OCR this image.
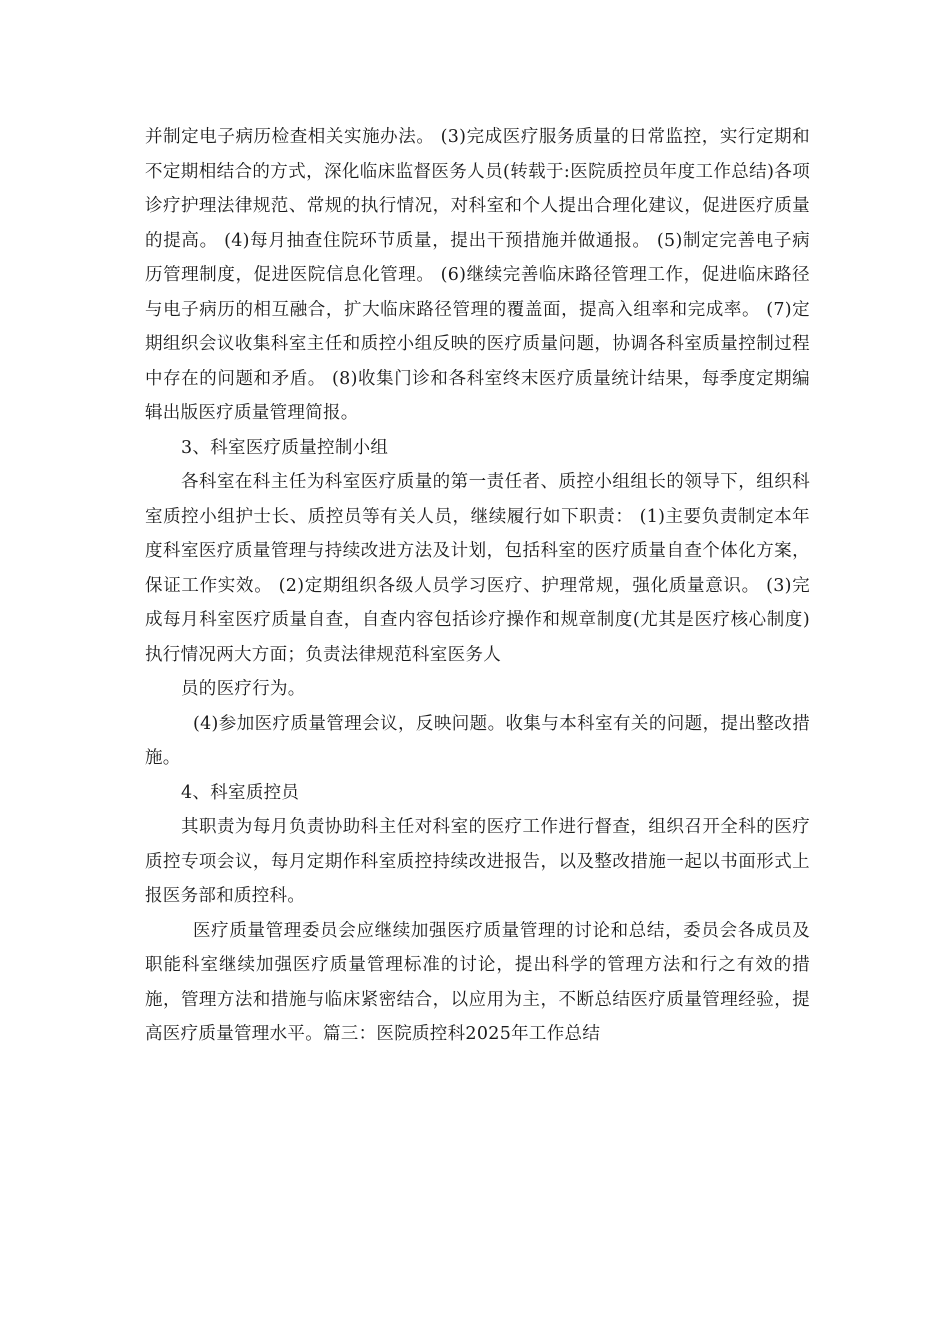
并制定电子病历检查相关实施办法。 (3)完成医疗服务质量的日常监控，实行定期和不定期相结合的方式，深化临床监督医务人员(转载于:医院质控员年度工作总结)各项诊疗护理法律规范、常规的执行情况，对科室和个人提出合理化建议，促进医疗质量的提高。 (4)每月抽查住院环节质量，提出干预措施并做通报。 (5)制定完善电子病历管理制度，促进医院信息化管理。 (6)继续完善临床路径管理工作，促进临床路径与电子病历的相互融合，扩大临床路径管理的覆盖面，提高入组率和完成率。 (7)定期组织会议收集科室主任和质控小组反映的医疗质量问题，协调各科室质量控制过程中存在的问题和矛盾。 (8)收集门诊和各科室终末医疗质量统计结果，每季度定期编辑出版医疗质量管理简报。

3、科室医疗质量控制小组

各科室在科主任为科室医疗质量的第一责任者、质控小组组长的领导下，组织科室质控小组护士长、质控员等有关人员，继续履行如下职责： (1)主要负责制定本年度科室医疗质量管理与持续改进方法及计划，包括科室的医疗质量自查个体化方案，保证工作实效。 (2)定期组织各级人员学习医疗、护理常规，强化质量意识。 (3)完成每月科室医疗质量自查，自查内容包括诊疗操作和规章制度(尤其是医疗核心制度)执行情况两大方面；负责法律规范科室医务人

员的医疗行为。

(4)参加医疗质量管理会议，反映问题。收集与本科室有关的问题，提出整改措施。

4、科室质控员

其职责为每月负责协助科主任对科室的医疗工作进行督查，组织召开全科的医疗质控专项会议，每月定期作科室质控持续改进报告，以及整改措施一起以书面形式上报医务部和质控科。

医疗质量管理委员会应继续加强医疗质量管理的讨论和总结，委员会各成员及职能科室继续加强医疗质量管理标准的讨论，提出科学的管理方法和行之有效的措施，管理方法和措施与临床紧密结合，以应用为主，不断总结医疗质量管理经验，提高医疗质量管理水平。篇三：医院质控科2025年工作总结
